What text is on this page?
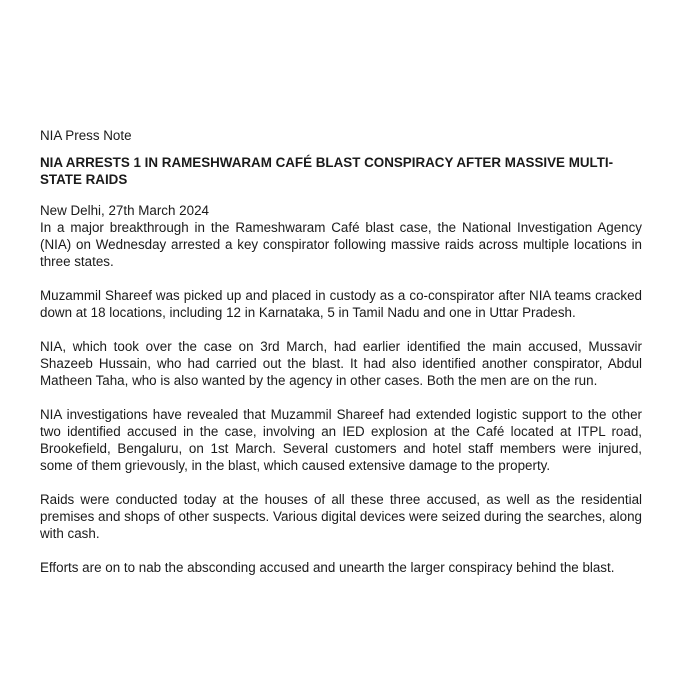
NIA Press Note

NIA ARRESTS 1 IN RAMESHWARAM CAFÉ BLAST CONSPIRACY AFTER MASSIVE MULTI-STATE RAIDS
New Delhi, 27th March 2024

In a major breakthrough in the Rameshwaram Café blast case, the National Investigation Agency (NIA) on Wednesday arrested a key conspirator following massive raids across multiple locations in three states.

Muzammil Shareef was picked up and placed in custody as a co-conspirator after NIA teams cracked down at 18 locations, including 12 in Karnataka, 5 in Tamil Nadu and one in Uttar Pradesh.

NIA, which took over the case on 3rd March, had earlier identified the main accused, Mussavir Shazeeb Hussain, who had carried out the blast. It had also identified another conspirator, Abdul Matheen Taha, who is also wanted by the agency in other cases. Both the men are on the run.

NIA investigations have revealed that Muzammil Shareef had extended logistic support to the other two identified accused in the case, involving an IED explosion at the Café located at ITPL road, Brookefield, Bengaluru, on 1st March. Several customers and hotel staff members were injured, some of them grievously, in the blast, which caused extensive damage to the property.

Raids were conducted today at the houses of all these three accused, as well as the residential premises and shops of other suspects. Various digital devices were seized during the searches, along with cash.

Efforts are on to nab the absconding accused and unearth the larger conspiracy behind the blast.
